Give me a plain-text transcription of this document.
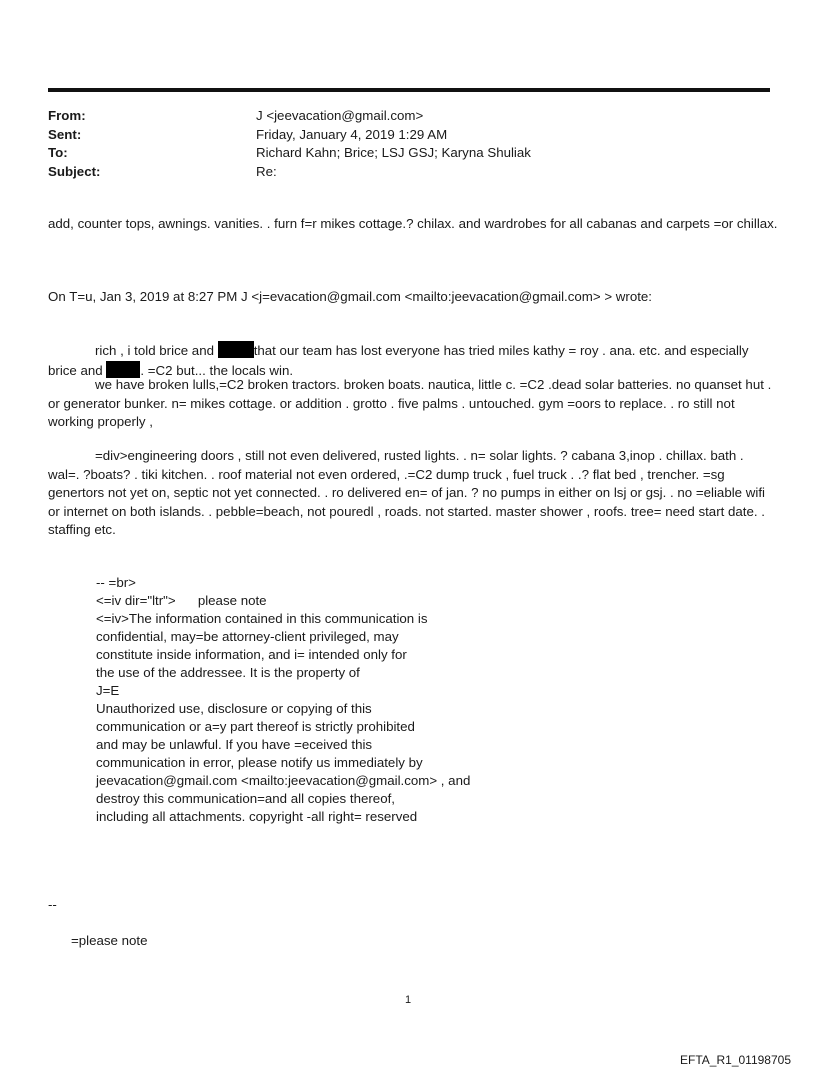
From:	J <jeevacation@gmail.com>
Sent:	Friday, January 4, 2019 1:29 AM
To:	Richard Kahn; Brice; LSJ GSJ; Karyna Shuliak
Subject:	Re:
add, counter tops, awnings. vanities. . furn f=r mikes cottage.? chilax. and wardrobes for all cabanas and carpets =or chillax.
On T=u, Jan 3, 2019 at 8:27 PM J <j=evacation@gmail.com <mailto:jeevacation@gmail.com> > wrote:
rich , i told brice and	that our team has lost everyone has tried miles kathy = roy . ana. etc. and especially brice and	. =C2 but... the locals win.
we have broken lulls,=C2 broken tractors. broken boats. nautica, little c. =C2 .dead solar batteries. no quanset hut . or generator bunker. n= mikes cottage. or addition . grotto . five palms . untouched. gym =oors to replace. . ro still not working properly ,
=div>engineering doors , still not even delivered, rusted lights. . n= solar lights. ? cabana 3,inop . chillax. bath . wal=. ?boats? . tiki kitchen. . roof material not even ordered, .=C2 dump truck , fuel truck . .? flat bed , trencher. =sg genertors not yet on, septic not yet connected. . ro delivered en= of jan. ? no pumps in either on lsj or gsj. . no =eliable wifi or internet on both islands. . pebble=beach, not pouredl , roads. not started. master shower , roofs. tree= need start date. . staffing etc.
-- =br>
<=iv dir="ltr">      please note
<=iv>The information contained in this communication is
confidential, may=be attorney-client privileged, may
constitute inside information, and i= intended only for
the use of the addressee. It is the property of
J=E
Unauthorized use, disclosure or copying of this
communication or a=y part thereof is strictly prohibited
and may be unlawful. If you have =eceived this
communication in error, please notify us immediately by
jeevacation@gmail.com <mailto:jeevacation@gmail.com> , and
destroy this communication=and all copies thereof,
including all attachments. copyright -all right= reserved
--
=please note
1
EFTA_R1_01198705
